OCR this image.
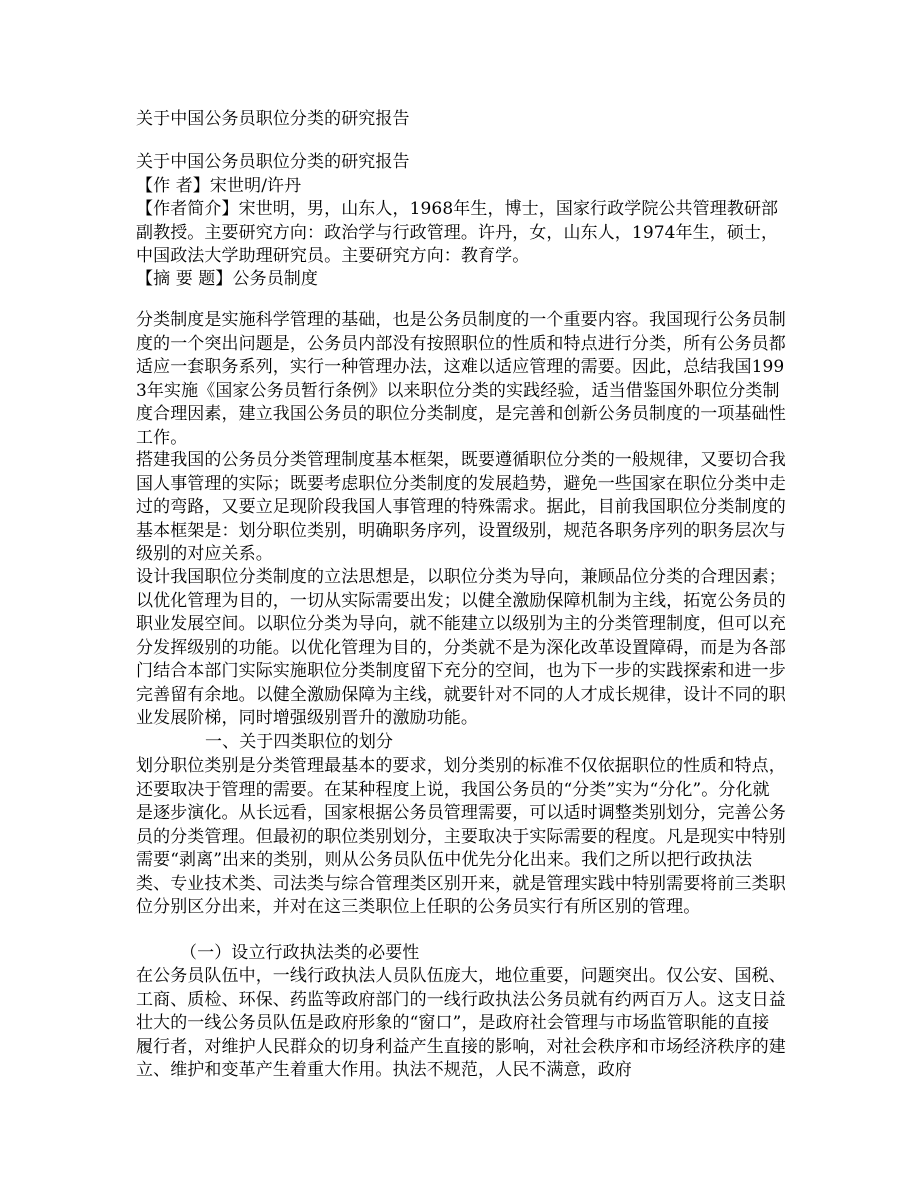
关于中国公务员职位分类的研究报告
关于中国公务员职位分类的研究报告
【作 者】宋世明/许丹
【作者简介】宋世明，男，山东人，1968年生，博士，国家行政学院公共管理教研部副教授。主要研究方向：政治学与行政管理。许丹，女，山东人，1974年生，硕士，中国政法大学助理研究员。主要研究方向：教育学。
【摘 要 题】公务员制度
分类制度是实施科学管理的基础，也是公务员制度的一个重要内容。我国现行公务员制度的一个突出问题是，公务员内部没有按照职位的性质和特点进行分类，所有公务员都适应一套职务系列，实行一种管理办法，这难以适应管理的需要。因此，总结我国1993年实施《国家公务员暂行条例》以来职位分类的实践经验，适当借鉴国外职位分类制度合理因素，建立我国公务员的职位分类制度，是完善和创新公务员制度的一项基础性工作。
搭建我国的公务员分类管理制度基本框架，既要遵循职位分类的一般规律，又要切合我国人事管理的实际；既要考虑职位分类制度的发展趋势，避免一些国家在职位分类中走过的弯路，又要立足现阶段我国人事管理的特殊需求。据此，目前我国职位分类制度的基本框架是：划分职位类别，明确职务序列，设置级别，规范各职务序列的职务层次与级别的对应关系。
设计我国职位分类制度的立法思想是，以职位分类为导向，兼顾品位分类的合理因素；以优化管理为目的，一切从实际需要出发；以健全激励保障机制为主线，拓宽公务员的职业发展空间。以职位分类为导向，就不能建立以级别为主的分类管理制度，但可以充分发挥级别的功能。以优化管理为目的，分类就不是为深化改革设置障碍，而是为各部门结合本部门实际实施职位分类制度留下充分的空间，也为下一步的实践探索和进一步完善留有余地。以健全激励保障为主线，就要针对不同的人才成长规律，设计不同的职业发展阶梯，同时增强级别晋升的激励功能。
一、关于四类职位的划分
划分职位类别是分类管理最基本的要求，划分类别的标准不仅依据职位的性质和特点，还要取决于管理的需要。在某种程度上说，我国公务员的“分类”实为“分化”。分化就是逐步演化。从长远看，国家根据公务员管理需要，可以适时调整类别划分，完善公务员的分类管理。但最初的职位类别划分，主要取决于实际需要的程度。凡是现实中特别需要“剥离”出来的类别，则从公务员队伍中优先分化出来。我们之所以把行政执法类、专业技术类、司法类与综合管理类区别开来，就是管理实践中特别需要将前三类职位分别区分出来，并对在这三类职位上任职的公务员实行有所区别的管理。
（一）设立行政执法类的必要性
在公务员队伍中，一线行政执法人员队伍庞大，地位重要，问题突出。仅公安、国税、工商、质检、环保、药监等政府部门的一线行政执法公务员就有约两百万人。这支日益壮大的一线公务员队伍是政府形象的“窗口”，是政府社会管理与市场监管职能的直接履行者，对维护人民群众的切身利益产生直接的影响，对社会秩序和市场经济秩序的建立、维护和变革产生着重大作用。执法不规范，人民不满意，政府
